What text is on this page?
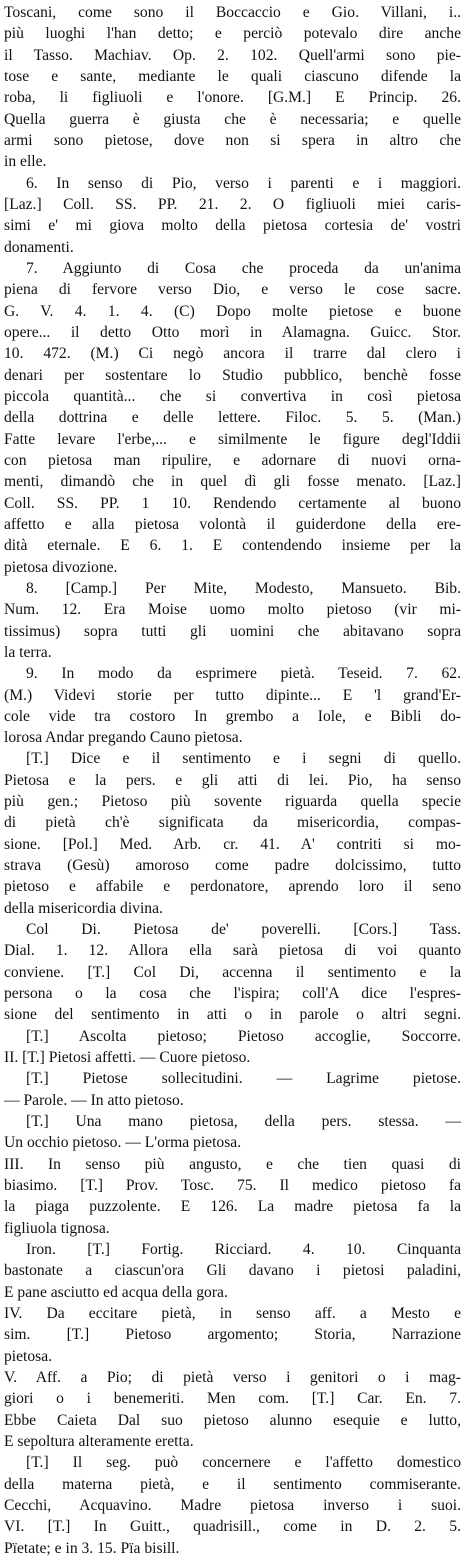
Toscani, come sono il Boccaccio e Gio. Villani, i..
più luoghi l'han detto; e perciò potevalo dire anche
il Tasso. Machiav. Op. 2. 102. Quell'armi sono pie-
tose e sante, mediante le quali ciascuno difende la
roba, li figliuoli e l'onore. [G.M.] E Princip. 26.
Quella guerra è giusta che è necessaria; e quelle
armi sono pietose, dove non si spera in altro che
in elle.
6. In senso di Pio, verso i parenti e i maggiori.
[Laz.] Coll. SS. PP. 21. 2. O figliuoli miei caris-
simi e' mi giova molto della pietosa cortesia de' vostri
donamenti.
7. Aggiunto di Cosa che proceda da un'anima
piena di fervore verso Dio, e verso le cose sacre.
G. V. 4. 1. 4. (C) Dopo molte pietose e buone
opere... il detto Otto morì in Alamagna. Guicc. Stor.
10. 472. (M.) Ci negò ancora il trarre dal clero i
denari per sostentare lo Studio pubblico, benchè fosse
piccola quantità... che si convertiva in così pietosa
della dottrina e delle lettere. Filoc. 5. 5. (Man.)
Fatte levare l'erbe,... e similmente le figure degl'Iddii
con pietosa man ripulire, e adornare di nuovi orna-
menti, dimandò che in quel dì gli fosse menato. [Laz.]
Coll. SS. PP. 1 10. Rendendo certamente al buono
affetto e alla pietosa volontà il guiderdone della ere-
dità eternale. E 6. 1. E contendendo insieme per la
pietosa divozione.
8. [Camp.] Per Mite, Modesto, Mansueto. Bib.
Num. 12. Era Moise uomo molto pietoso (vir mi-
tissimus) sopra tutti gli uomini che abitavano sopra
la terra.
9. In modo da esprimere pietà. Teseid. 7. 62.
(M.) Videvi storie per tutto dipinte... E 'l grand'Er-
cole vide tra costoro In grembo a Iole, e Bibli do-
lorosa Andar pregando Cauno pietosa.
[T.] Dice e il sentimento e i segni di quello.
Pietosa e la pers. e gli atti di lei. Pio, ha senso
più gen.; Pietoso più sovente riguarda quella specie
di pietà ch'è significata da misericordia, compas-
sione. [Pol.] Med. Arb. cr. 41. A' contriti si mo-
strava (Gesù) amoroso come padre dolcissimo, tutto
pietoso e affabile e perdonatore, aprendo loro il seno
della misericordia divina.
Col Di. Pietosa de' poverelli. [Cors.] Tass.
Dial. 1. 12. Allora ella sarà pietosa di voi quanto
conviene. [T.] Col Di, accenna il sentimento e la
persona o la cosa che l'ispira; coll'A dice l'espres-
sione del sentimento in atti o in parole o altri segni.
[T.] Ascolta pietoso; Pietoso accoglie, Soccorre.
II. [T.] Pietosi affetti. — Cuore pietoso.
[T.] Pietose sollecitudini. — Lagrime pietose.
— Parole. — In atto pietoso.
[T.] Una mano pietosa, della pers. stessa. —
Un occhio pietoso. — L'orma pietosa.
III. In senso più angusto, e che tien quasi di
biasimo. [T.] Prov. Tosc. 75. Il medico pietoso fa
la piaga puzzolente. E 126. La madre pietosa fa la
figliuola tignosa.
Iron. [T.] Fortig. Ricciard. 4. 10. Cinquanta
bastonate a ciascun'ora Gli davano i pietosi paladini,
E pane asciutto ed acqua della gora.
IV. Da eccitare pietà, in senso aff. a Mesto e
sim. [T.] Pietoso argomento; Storia, Narrazione
pietosa.
V. Aff. a Pio; di pietà verso i genitori o i mag-
giori o i benemeriti. Men com. [T.] Car. En. 7.
Ebbe Caieta Dal suo pietoso alunno esequie e lutto,
E sepoltura alteramente eretta.
[T.] Il seg. può concernere e l'affetto domestico
della materna pietà, e il sentimento commiserante.
Cecchi, Acquavino. Madre pietosa inverso i suoi.
VI. [T.] In Guitt., quadrisill., come in D. 2. 5.
Pïetate; e in 3. 15. Pïa bisill.
